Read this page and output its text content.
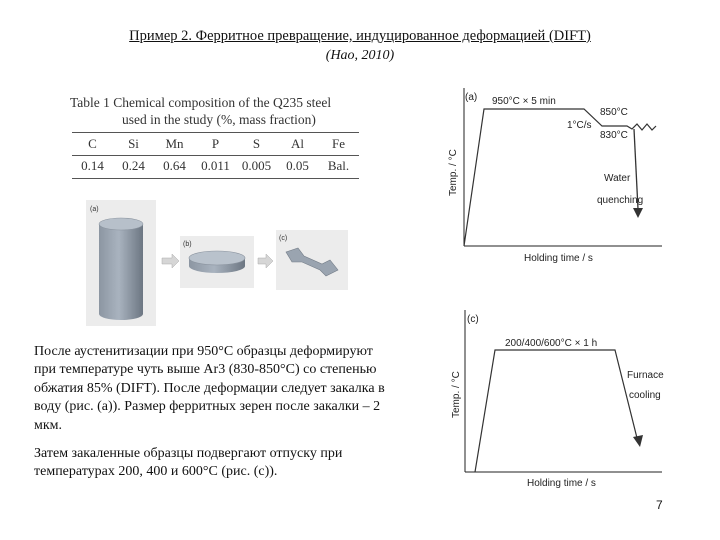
Пример 2. Ферритное превращение, индуцированное деформацией (DIFT)
(Hao, 2010)
Table 1 Chemical composition of the Q235 steel
used in the study (%, mass fraction)
C	Si	Mn	P	S	Al	Fe
0.14	0.24	0.64	0.011	0.005	0.05	Bal.
(a)
(b)
(c)
(a) 950°C × 5 min
1°C/s
850°C
830°C
Water
quenching
Temp. / °C
Holding time / s
(c)
200/400/600°C × 1 h
Furnace
cooling
Temp. / °C
Holding time / s
После аустенитизации при 950°С образцы деформируют
при температуре чуть выше Ar3 (830-850°С) со степенью
обжатия 85% (DIFT). После деформации следует закалка в
воду (рис. (а)). Размер ферритных зерен после закалки – 2
мкм.
Затем закаленные образцы подвергают отпуску при
температурах 200, 400 и 600°С (рис. (с)).
7
